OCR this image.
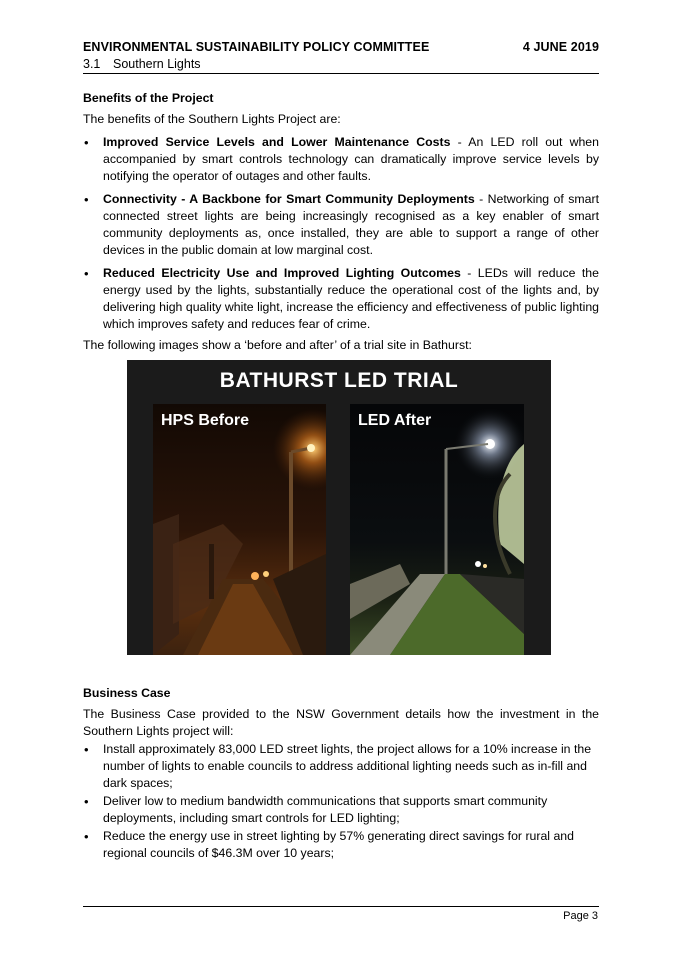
ENVIRONMENTAL SUSTAINABILITY POLICY COMMITTEE	4 JUNE 2019
3.1 Southern Lights
Benefits of the Project

The benefits of the Southern Lights Project are:

• Improved Service Levels and Lower Maintenance Costs - An LED roll out when accompanied by smart controls technology can dramatically improve service levels by notifying the operator of outages and other faults.
• Connectivity - A Backbone for Smart Community Deployments - Networking of smart connected street lights are being increasingly recognised as a key enabler of smart community deployments as, once installed, they are able to support a range of other devices in the public domain at low marginal cost.
• Reduced Electricity Use and Improved Lighting Outcomes - LEDs will reduce the energy used by the lights, substantially reduce the operational cost of the lights and, by delivering high quality white light, increase the efficiency and effectiveness of public lighting which improves safety and reduces fear of crime.

The following images show a ‘before and after’ of a trial site in Bathurst:

BATHURST LED TRIAL
HPS Before	LED After
Business Case

The Business Case provided to the NSW Government details how the investment in the Southern Lights project will:

• Install approximately 83,000 LED street lights, the project allows for a 10% increase in the number of lights to enable councils to address additional lighting needs such as in-fill and dark spaces;
• Deliver low to medium bandwidth communications that supports smart community deployments, including smart controls for LED lighting;
• Reduce the energy use in street lighting by 57% generating direct savings for rural and regional councils of $46.3M over 10 years;
Page 3
